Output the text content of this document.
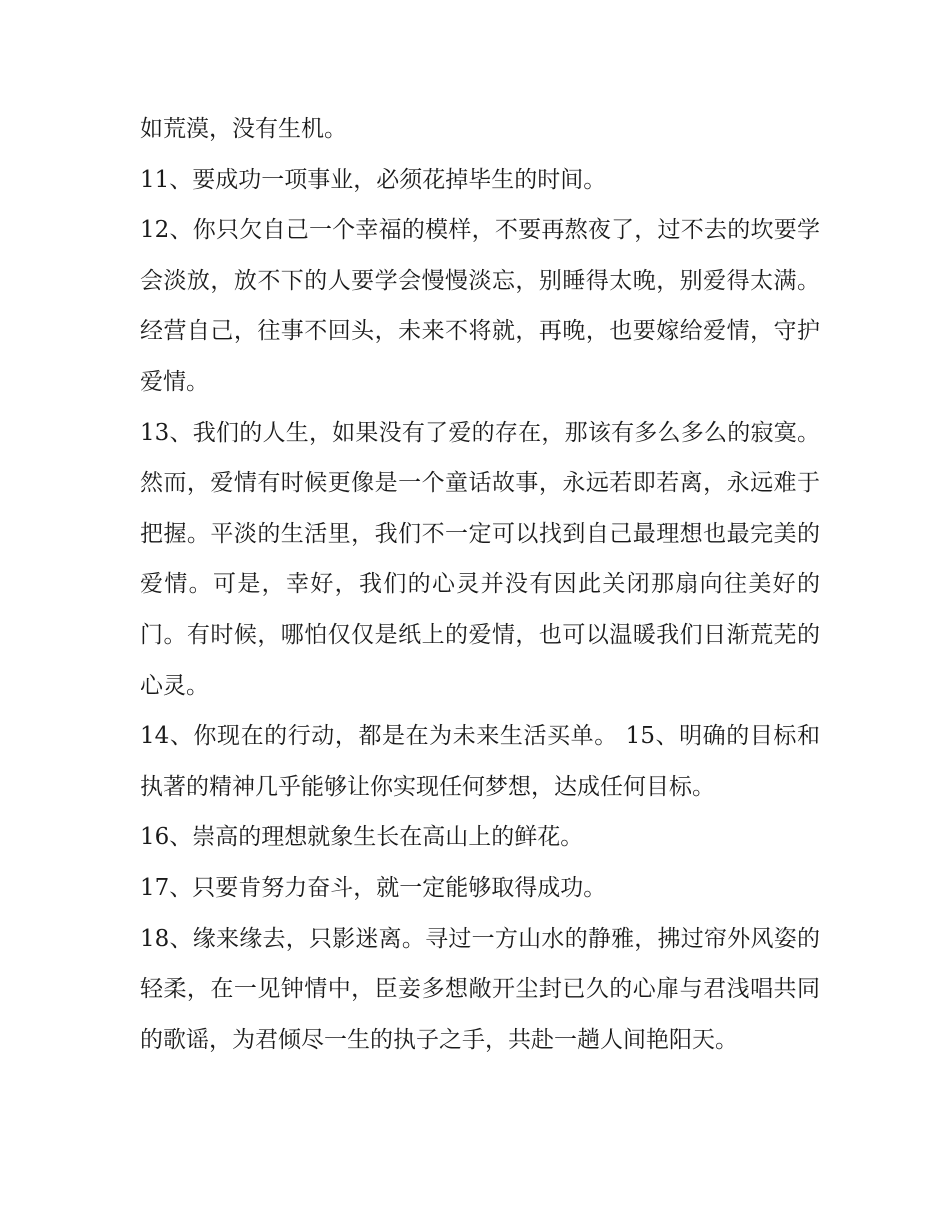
如荒漠，没有生机。

11、要成功一项事业，必须花掉毕生的时间。

12、你只欠自己一个幸福的模样，不要再熬夜了，过不去的坎要学会淡放，放不下的人要学会慢慢淡忘，别睡得太晚，别爱得太满。经营自己，往事不回头，未来不将就，再晚，也要嫁给爱情，守护爱情。

13、我们的人生，如果没有了爱的存在，那该有多么多么的寂寞。然而，爱情有时候更像是一个童话故事，永远若即若离，永远难于把握。平淡的生活里，我们不一定可以找到自己最理想也最完美的爱情。可是，幸好，我们的心灵并没有因此关闭那扇向往美好的门。有时候，哪怕仅仅是纸上的爱情，也可以温暖我们日渐荒芜的心灵。

14、你现在的行动，都是在为未来生活买单。 15、明确的目标和执著的精神几乎能够让你实现任何梦想，达成任何目标。

16、崇高的理想就象生长在高山上的鲜花。

17、只要肯努力奋斗，就一定能够取得成功。

18、缘来缘去，只影迷离。寻过一方山水的静雅，拂过帘外风姿的轻柔，在一见钟情中，臣妾多想敞开尘封已久的心扉与君浅唱共同的歌谣，为君倾尽一生的执子之手，共赴一趟人间艳阳天。
